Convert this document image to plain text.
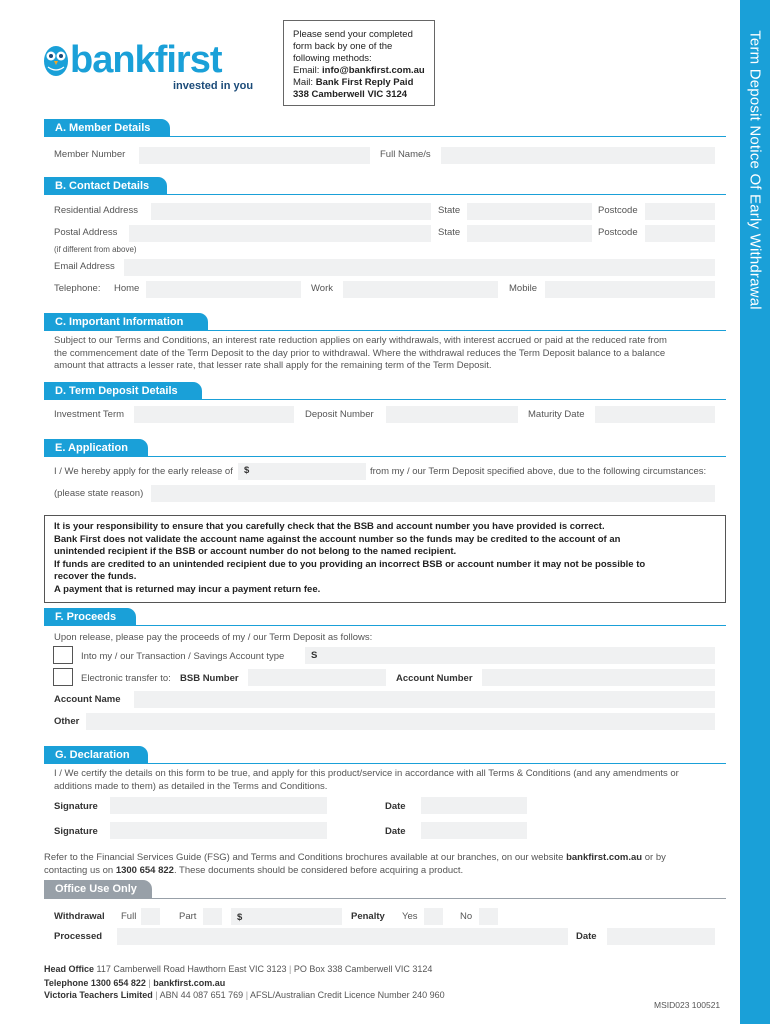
Term Deposit Notice Of Early Withdrawal
bankfirst
invested in you
Please send your completed
form back by one of the
following methods:
Email: info@bankfirst.com.au
Mail: Bank First Reply Paid
338 Camberwell VIC 3124
A. Member Details
Member Number	Full Name/s
B. Contact Details
Residential Address	State	Postcode
Postal Address	State	Postcode
(if different from above)
Email Address
Telephone: Home	Work	Mobile
C. Important Information
Subject to our Terms and Conditions, an interest rate reduction applies on early withdrawals, with interest accrued or paid at the reduced rate from
the commencement date of the Term Deposit to the day prior to withdrawal. Where the withdrawal reduces the Term Deposit balance to a balance
amount that attracts a lesser rate, that lesser rate shall apply for the remaining term of the Term Deposit.
D. Term Deposit Details
Investment Term	Deposit Number	Maturity Date
E. Application
I / We hereby apply for the early release of $	from my / our Term Deposit specified above, due to the following circumstances:
(please state reason)
It is your responsibility to ensure that you carefully check that the BSB and account number you have provided is correct.
Bank First does not validate the account name against the account number so the funds may be credited to the account of an
unintended recipient if the BSB or account number do not belong to the named recipient.
If funds are credited to an unintended recipient due to you providing an incorrect BSB or account number it may not be possible to
recover the funds.
A payment that is returned may incur a payment return fee.
F. Proceeds
Upon release, please pay the proceeds of my / our Term Deposit as follows:
Into my / our Transaction / Savings Account type	S
Electronic transfer to: BSB Number	Account Number
Account Name
Other
G. Declaration
I / We certify the details on this form to be true, and apply for this product/service in accordance with all Terms & Conditions (and any amendments or
additions made to them) as detailed in the Terms and Conditions.
Signature	Date
Signature	Date
Refer to the Financial Services Guide (FSG) and Terms and Conditions brochures available at our branches, on our website bankfirst.com.au or by
contacting us on 1300 654 822. These documents should be considered before acquiring a product.
Office Use Only
Withdrawal Full	Part	$	Penalty Yes	No
Processed	Date
Head Office 117 Camberwell Road Hawthorn East VIC 3123 | PO Box 338 Camberwell VIC 3124
Telephone 1300 654 822 | bankfirst.com.au
Victoria Teachers Limited | ABN 44 087 651 769 | AFSL/Australian Credit Licence Number 240 960
MSID023 100521
